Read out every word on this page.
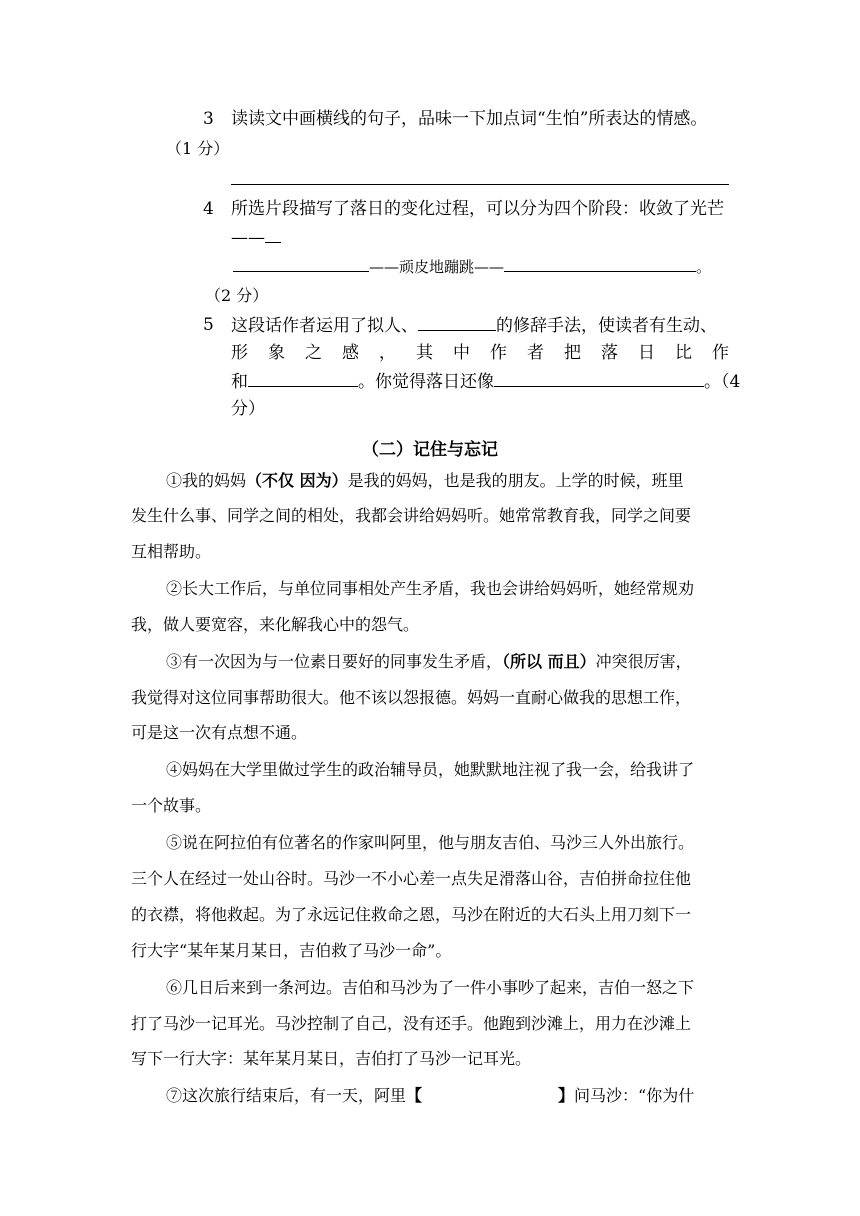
3 读读文中画横线的句子，品味一下加点词“生怕”所表达的情感。
（1 分）
4 所选片段描写了落日的变化过程，可以分为四个阶段：收敛了光芒
——
——顽皮地蹦跳——	。
（2 分）
5 这段话作者运用了拟人、	的修辞手法，使读者有生动、
形 象 之 感 ， 其 中 作 者 把 落 日 比 作
和	。你觉得落日还像	。（4
分）
（二）记住与忘记
①我的妈妈（不仅 因为）是我的妈妈，也是我的朋友。上学的时候，班里
发生什么事、同学之间的相处，我都会讲给妈妈听。她常常教育我，同学之间要
互相帮助。
②长大工作后，与单位同事相处产生矛盾，我也会讲给妈妈听，她经常规劝
我，做人要宽容，来化解我心中的怨气。
③有一次因为与一位素日要好的同事发生矛盾，（所以 而且）冲突很厉害，
我觉得对这位同事帮助很大。他不该以怨报德。妈妈一直耐心做我的思想工作，
可是这一次有点想不通。
④妈妈在大学里做过学生的政治辅导员，她默默地注视了我一会，给我讲了
一个故事。
⑤说在阿拉伯有位著名的作家叫阿里，他与朋友吉伯、马沙三人外出旅行。
三个人在经过一处山谷时。马沙一不小心差一点失足滑落山谷，吉伯拼命拉住他
的衣襟，将他救起。为了永远记住救命之恩，马沙在附近的大石头上用刀刻下一
行大字“某年某月某日，吉伯救了马沙一命”。
⑥几日后来到一条河边。吉伯和马沙为了一件小事吵了起来，吉伯一怒之下
打了马沙一记耳光。马沙控制了自己，没有还手。他跑到沙滩上，用力在沙滩上
写下一行大字：某年某月某日，吉伯打了马沙一记耳光。
⑦这次旅行结束后，有一天，阿里【	】问马沙：“你为什
